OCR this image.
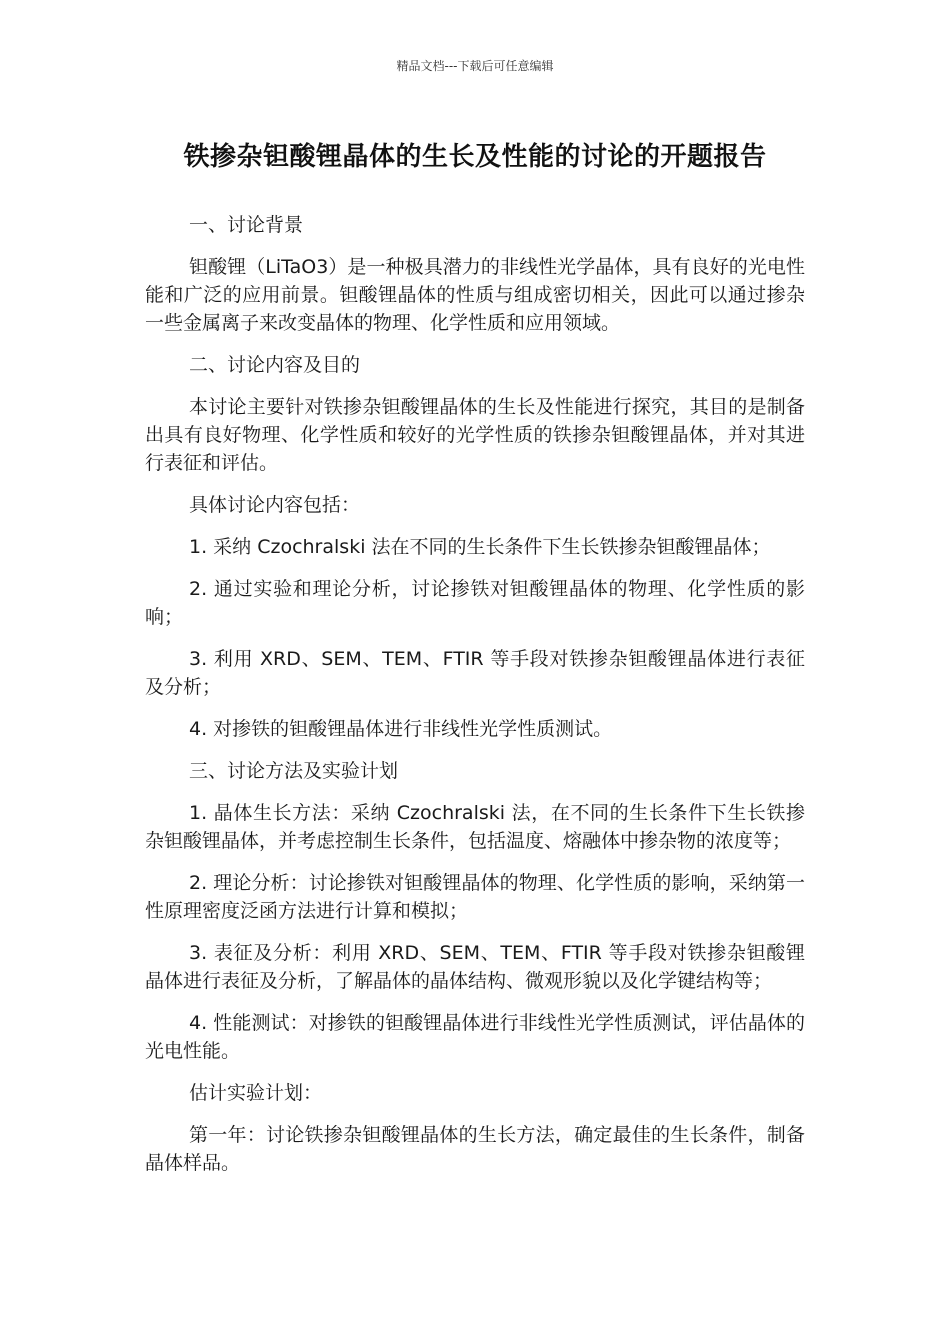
精品文档---下载后可任意编辑
铁掺杂钽酸锂晶体的生长及性能的讨论的开题报告

一、讨论背景

钽酸锂（LiTaO3）是一种极具潜力的非线性光学晶体，具有良好的光电性能和广泛的应用前景。钽酸锂晶体的性质与组成密切相关，因此可以通过掺杂一些金属离子来改变晶体的物理、化学性质和应用领域。

二、讨论内容及目的

本讨论主要针对铁掺杂钽酸锂晶体的生长及性能进行探究，其目的是制备出具有良好物理、化学性质和较好的光学性质的铁掺杂钽酸锂晶体，并对其进行表征和评估。

具体讨论内容包括：

1. 采纳 Czochralski 法在不同的生长条件下生长铁掺杂钽酸锂晶体；

2. 通过实验和理论分析，讨论掺铁对钽酸锂晶体的物理、化学性质的影响；

3. 利用 XRD、SEM、TEM、FTIR 等手段对铁掺杂钽酸锂晶体进行表征及分析；

4. 对掺铁的钽酸锂晶体进行非线性光学性质测试。

三、讨论方法及实验计划

1. 晶体生长方法：采纳 Czochralski 法，在不同的生长条件下生长铁掺杂钽酸锂晶体，并考虑控制生长条件，包括温度、熔融体中掺杂物的浓度等；

2. 理论分析：讨论掺铁对钽酸锂晶体的物理、化学性质的影响，采纳第一性原理密度泛函方法进行计算和模拟；

3. 表征及分析：利用 XRD、SEM、TEM、FTIR 等手段对铁掺杂钽酸锂晶体进行表征及分析，了解晶体的晶体结构、微观形貌以及化学键结构等；

4. 性能测试：对掺铁的钽酸锂晶体进行非线性光学性质测试，评估晶体的光电性能。

估计实验计划：

第一年：讨论铁掺杂钽酸锂晶体的生长方法，确定最佳的生长条件，制备晶体样品。
